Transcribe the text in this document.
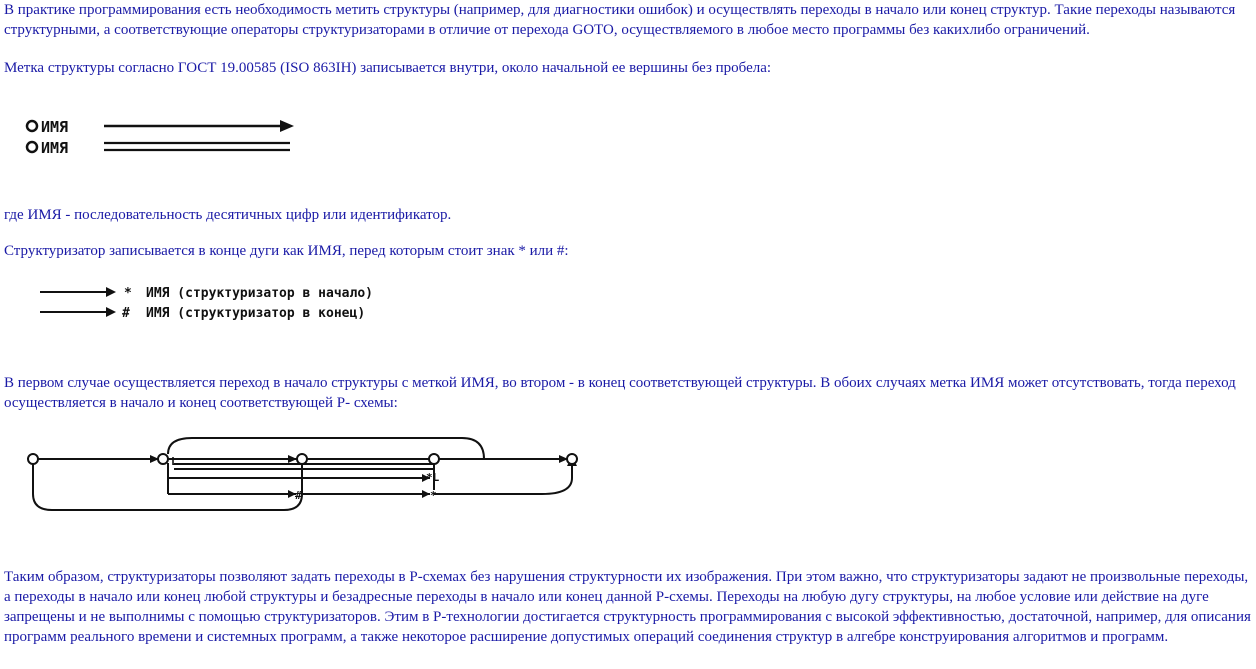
В практике программирования есть необходимость метить структуры (например, для диагностики ошибок) и осуществлять переходы в начало или конец структур. Такие переходы называются структурными, а соответствующие операторы структуризаторами в отличие от перехода GOTO, осуществляемого в любое место программы без какихлибо ограничений.

Метка структуры согласно ГОСТ 19.00585 (ISO 863IH) записывается внутри, около начальной ее вершины без пробела:

ИМЯ
ИМЯ

где ИМЯ - последовательность десятичных цифр или идентификатор.

Структуризатор записывается в конце дуги как ИМЯ, перед которым стоит знак * или #:

* ИМЯ (структуризатор в начало)
# ИМЯ (структуризатор в конец)

В первом случае осуществляется переход в начало структуры с меткой ИМЯ, во втором - в конец соответствующей структуры. В обоих случаях метка ИМЯ может отсутствовать, тогда переход осуществляется в начало и конец соответствующей Р- схемы:

L
*L
#	*

Таким образом, структуризаторы позволяют задать переходы в Р-схемах без нарушения структурности их изображения. При этом важно, что структуризаторы задают не произвольные переходы, а переходы в начало или конец любой структуры и безадресные переходы в начало или конец данной Р-схемы. Переходы на любую дугу структуры, на любое условие или действие на дуге запрещены и не выполнимы с помощью структуризаторов. Этим в Р-технологии достигается структурность программирования с высокой эффективностью, достаточной, например, для описания программ реального времени и системных программ, а также некоторое расширение допустимых операций соединения структур в алгебре конструирования алгоритмов и программ.
